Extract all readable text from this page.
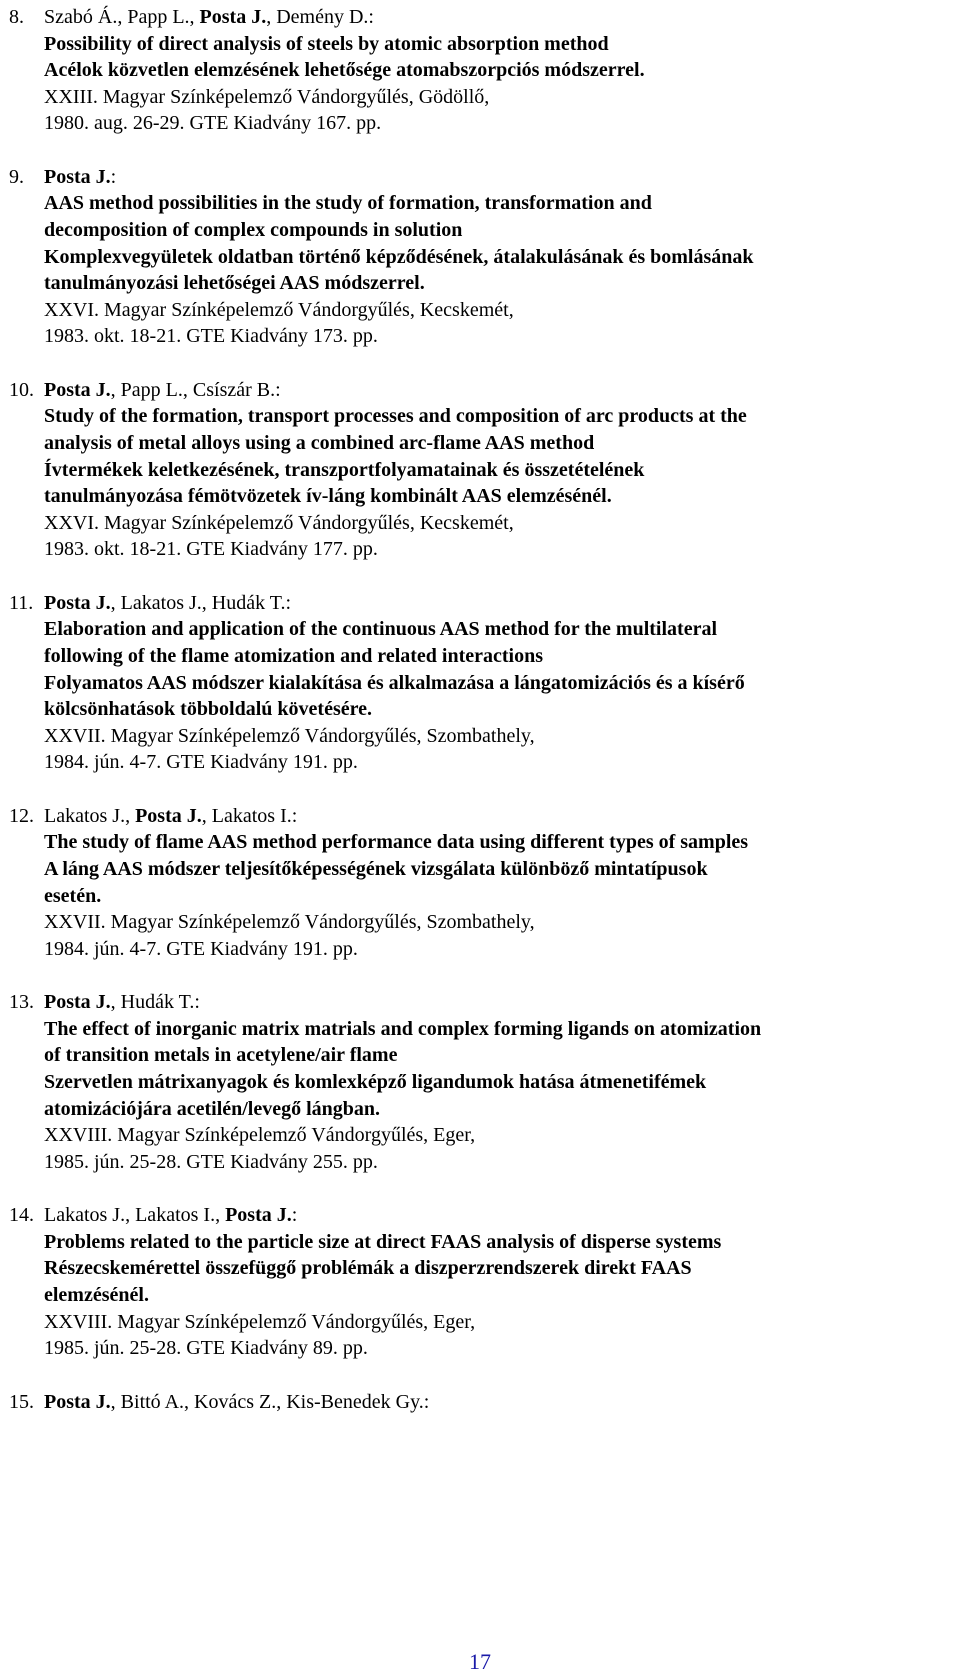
8. Szabó Á., Papp L., Posta J., Demény D.:
Possibility of direct analysis of steels by atomic absorption method
Acélok közvetlen elemzésének lehetősége atomabszorpciós módszerrel.
XXIII. Magyar Színképelemző Vándorgyűlés, Gödöllő,
1980. aug. 26-29. GTE Kiadvány 167. pp.
9. Posta J.:
AAS method possibilities in the study of formation, transformation and
decomposition of complex compounds in solution
Komplexvegyületek oldatban történő képződésének, átalakulásának és bomlásának
tanulmányozási lehetőségei AAS módszerrel.
XXVI. Magyar Színképelemző Vándorgyűlés, Kecskemét,
1983. okt. 18-21. GTE Kiadvány 173. pp.
10. Posta J., Papp L., Csíszár B.:
Study of the formation, transport processes and composition of arc products at the
analysis of metal alloys using a combined arc-flame AAS method
Ívtermékek keletkezésének, transzportfolyamatainak és összetételének
tanulmányozása fémötvözetek ív-láng kombinált AAS elemzésénél.
XXVI. Magyar Színképelemző Vándorgyűlés, Kecskemét,
1983. okt. 18-21. GTE Kiadvány 177. pp.
11. Posta J., Lakatos J., Hudák T.:
Elaboration and application of the continuous AAS method for the multilateral
following of the flame atomization and related interactions
Folyamatos AAS módszer kialakítása és alkalmazása a lángatomizációs és a kísérő
kölcsönhatások többoldalú követésére.
XXVII. Magyar Színképelemző Vándorgyűlés, Szombathely,
1984. jún. 4-7. GTE Kiadvány 191. pp.
12. Lakatos J., Posta J., Lakatos I.:
The study of flame AAS method performance data using different types of samples
A láng AAS módszer teljesítőképességének vizsgálata különböző mintatípusok
esetén.
XXVII. Magyar Színképelemző Vándorgyűlés, Szombathely,
1984. jún. 4-7. GTE Kiadvány 191. pp.
13. Posta J., Hudák T.:
The effect of inorganic matrix matrials and complex forming ligands on atomization
of transition metals in acetylene/air flame
Szervetlen mátrixanyagok és komlexképző ligandumok hatása átmenetifémek
atomizációjára acetilén/levegő lángban.
XXVIII. Magyar Színképelemző Vándorgyűlés, Eger,
1985. jún. 25-28. GTE Kiadvány 255. pp.
14. Lakatos J., Lakatos I., Posta J.:
Problems related to the particle size at direct FAAS analysis of disperse systems
Részecskemérettel összefüggő problémák a diszperzrendszerek direkt FAAS
elemzésénél.
XXVIII. Magyar Színképelemző Vándorgyűlés, Eger,
1985. jún. 25-28. GTE Kiadvány 89. pp.
15. Posta J., Bittó A., Kovács Z., Kis-Benedek Gy.:
17
